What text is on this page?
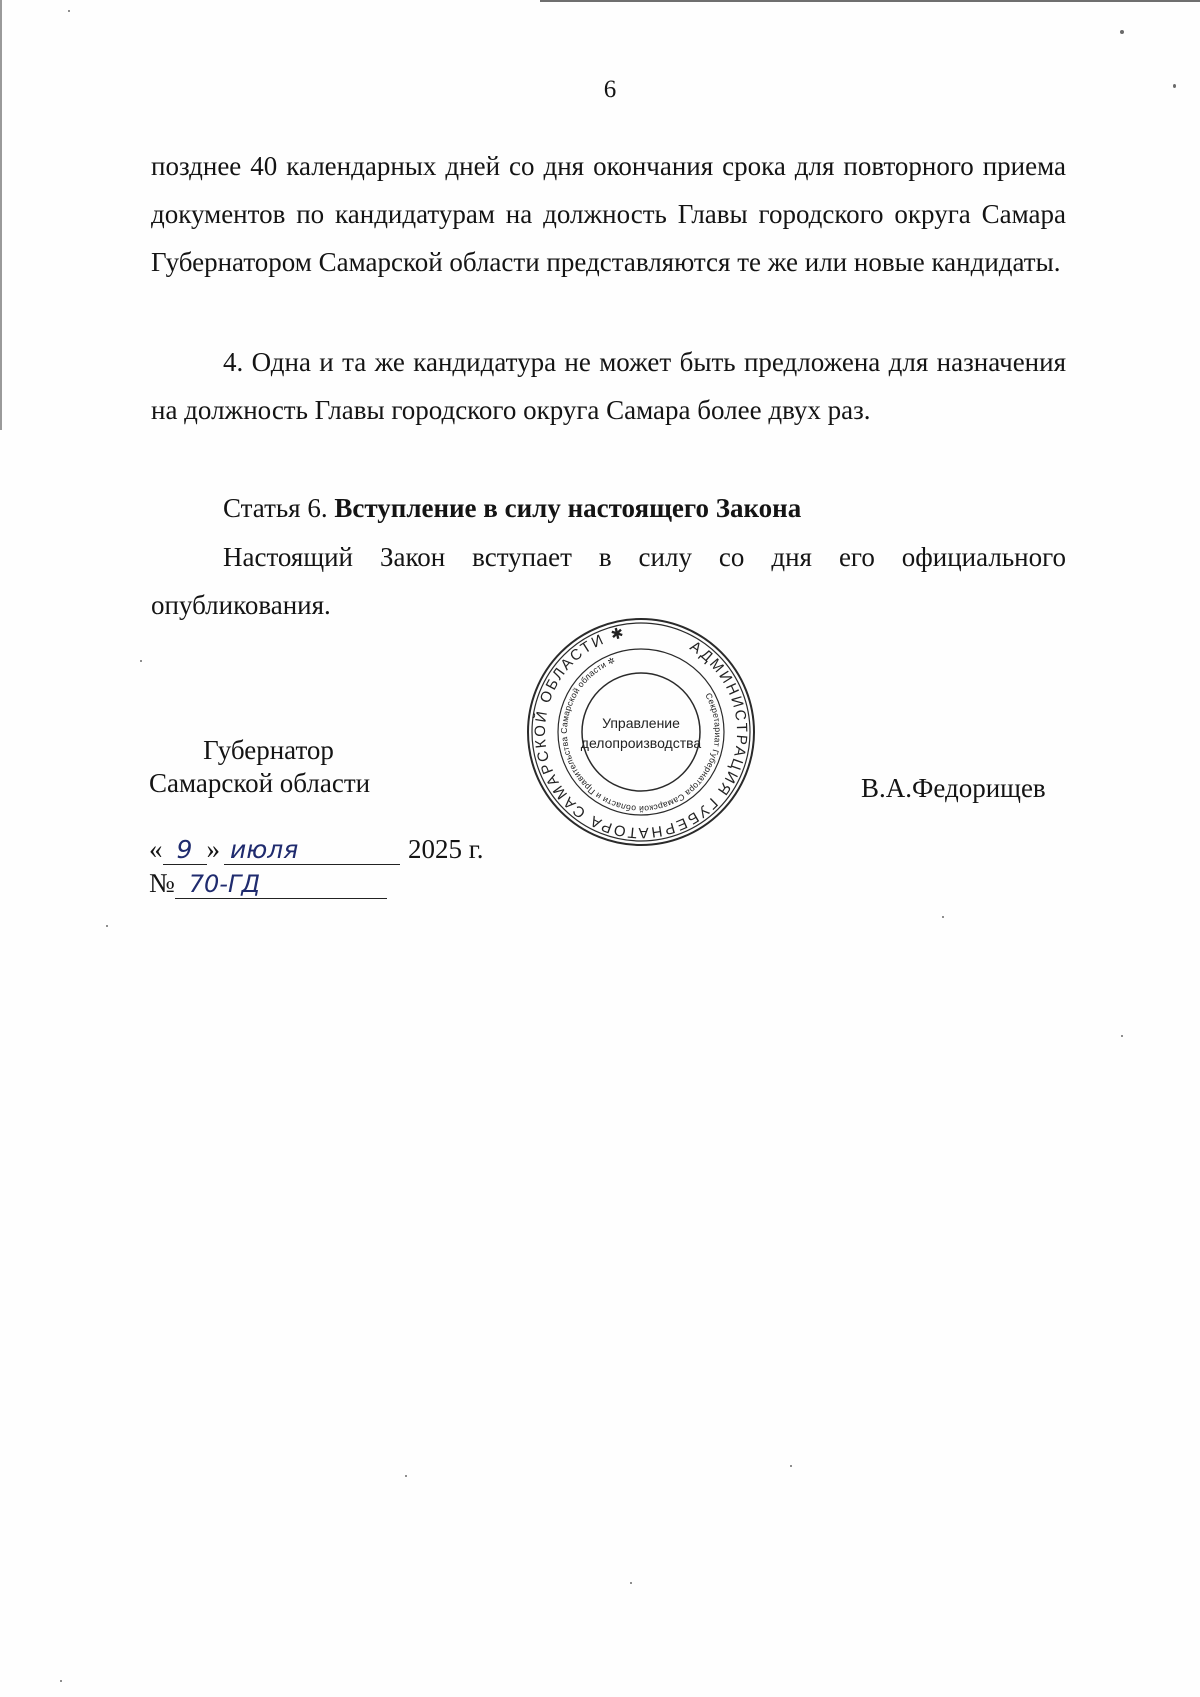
6

позднее 40 календарных дней со дня окончания срока для повторного приема документов по кандидатурам на должность Главы городского округа Самара Губернатором Самарской области представляются те же или новые кандидаты.

4. Одна и та же кандидатура не может быть предложена для назначения на должность Главы городского округа Самара более двух раз.

Статья 6. Вступление в силу настоящего Закона

Настоящий Закон вступает в силу со дня его официального опубликования.

Губернатор
Самарской области
АДМИНИСТРАЦИЯ ГУБЕРНАТОРА САМАРСКОЙ ОБЛАСТИ ✱
Секретариат Губернатора Самарской области и Правительства Самарской области ✲
Управление
делопроизводства
В.А.Федорищев
« 9 » июля	2025 г.
№ 70-ГД
